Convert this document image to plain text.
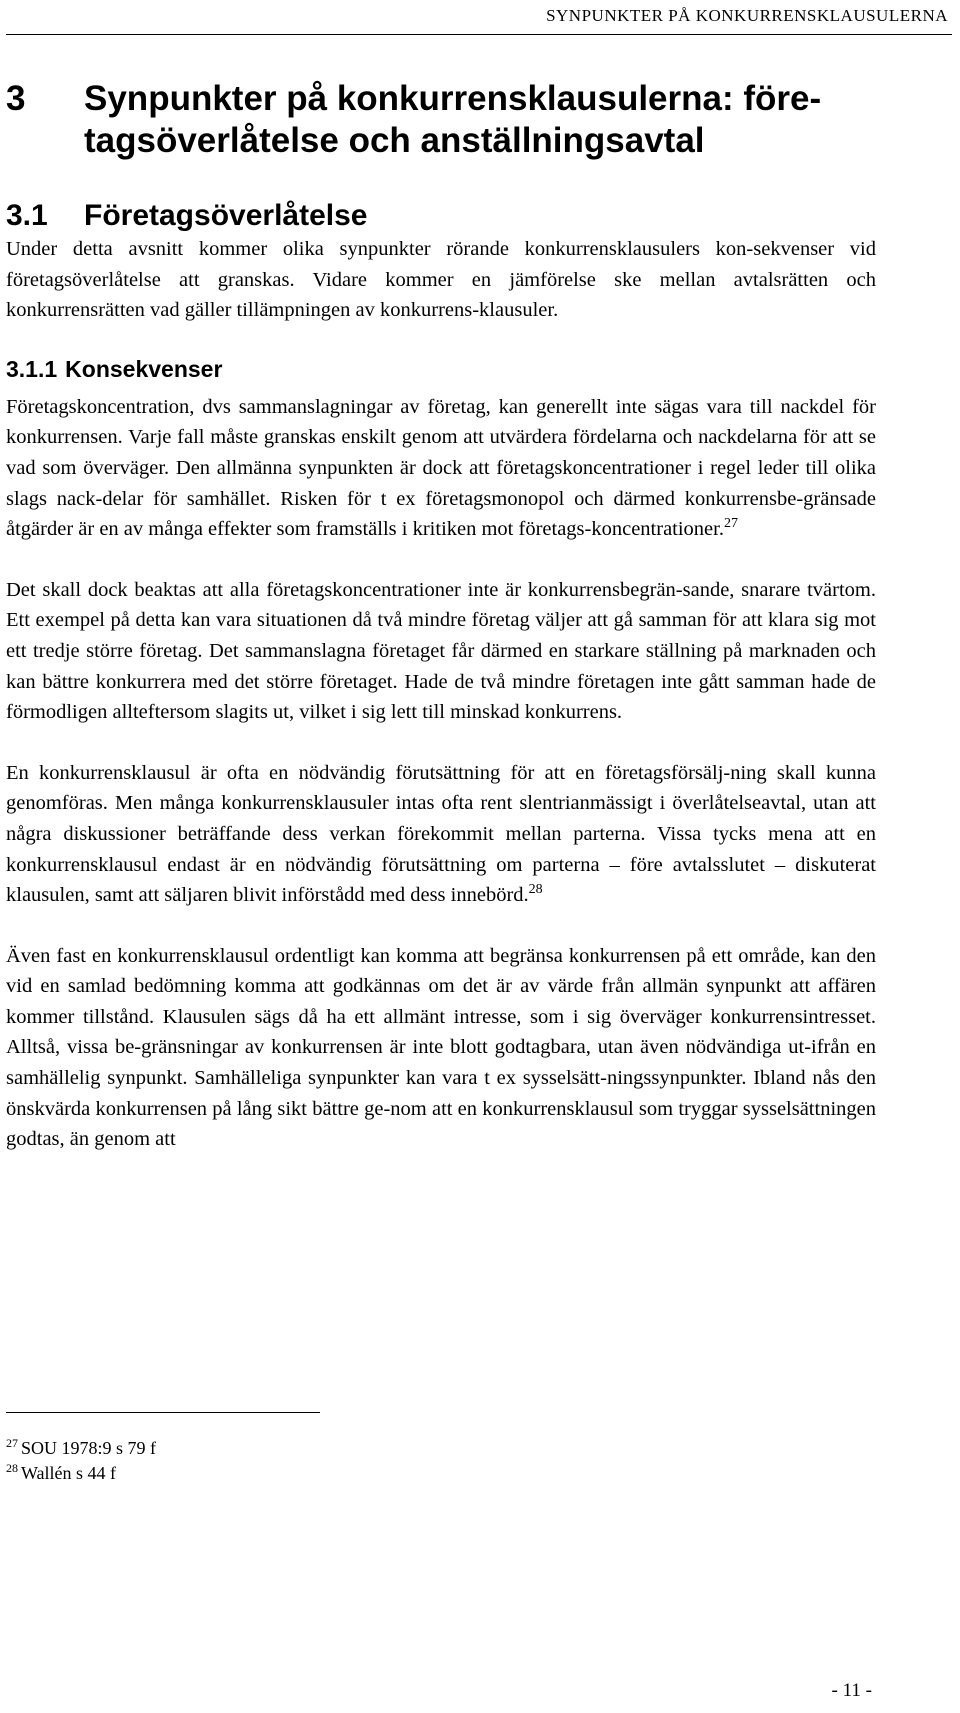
SYNPUNKTER PÅ KONKURRENSKLAUSULERNA
3	Synpunkter på konkurrensklausulerna: före-tagsöverlåtelse och anställningsavtal
3.1	Företagsöverlåtelse

Under detta avsnitt kommer olika synpunkter rörande konkurrensklausulers kon-sekvenser vid företagsöverlåtelse att granskas. Vidare kommer en jämförelse ske mellan avtalsrätten och konkurrensrätten vad gäller tillämpningen av konkurrens-klausuler.

3.1.1 Konsekvenser

Företagskoncentration, dvs sammanslagningar av företag, kan generellt inte sägas vara till nackdel för konkurrensen. Varje fall måste granskas enskilt genom att utvärdera fördelarna och nackdelarna för att se vad som överväger. Den allmänna synpunkten är dock att företagskoncentrationer i regel leder till olika slags nack-delar för samhället. Risken för t ex företagsmonopol och därmed konkurrensbe-gränsade åtgärder är en av många effekter som framställs i kritiken mot företags-koncentrationer.$^{27}$

Det skall dock beaktas att alla företagskoncentrationer inte är konkurrensbegrän-sande, snarare tvärtom. Ett exempel på detta kan vara situationen då två mindre företag väljer att gå samman för att klara sig mot ett tredje större företag. Det sammanslagna företaget får därmed en starkare ställning på marknaden och kan bättre konkurrera med det större företaget. Hade de två mindre företagen inte gått samman hade de förmodligen allteftersom slagits ut, vilket i sig lett till minskad konkurrens.

En konkurrensklausul är ofta en nödvändig förutsättning för att en företagsförsälj-ning skall kunna genomföras. Men många konkurrensklausuler intas ofta rent slentrianmässigt i överlåtelseavtal, utan att några diskussioner beträffande dess verkan förekommit mellan parterna. Vissa tycks mena att en konkurrensklausul endast är en nödvändig förutsättning om parterna – före avtalsslutet – diskuterat klausulen, samt att säljaren blivit införstådd med dess innebörd.$^{28}$

Även fast en konkurrensklausul ordentligt kan komma att begränsa konkurrensen på ett område, kan den vid en samlad bedömning komma att godkännas om det är av värde från allmän synpunkt att affären kommer tillstånd. Klausulen sägs då ha ett allmänt intresse, som i sig överväger konkurrensintresset. Alltså, vissa be-gränsningar av konkurrensen är inte blott godtagbara, utan även nödvändiga ut-ifrån en samhällelig synpunkt. Samhälleliga synpunkter kan vara t ex sysselsätt-ningssynpunkter. Ibland nås den önskvärda konkurrensen på lång sikt bättre ge-nom att en konkurrensklausul som tryggar sysselsättningen godtas, än genom att

$^{27}$ SOU 1978:9 s 79 f
$^{28}$ Wallén s 44 f
- 11 -
